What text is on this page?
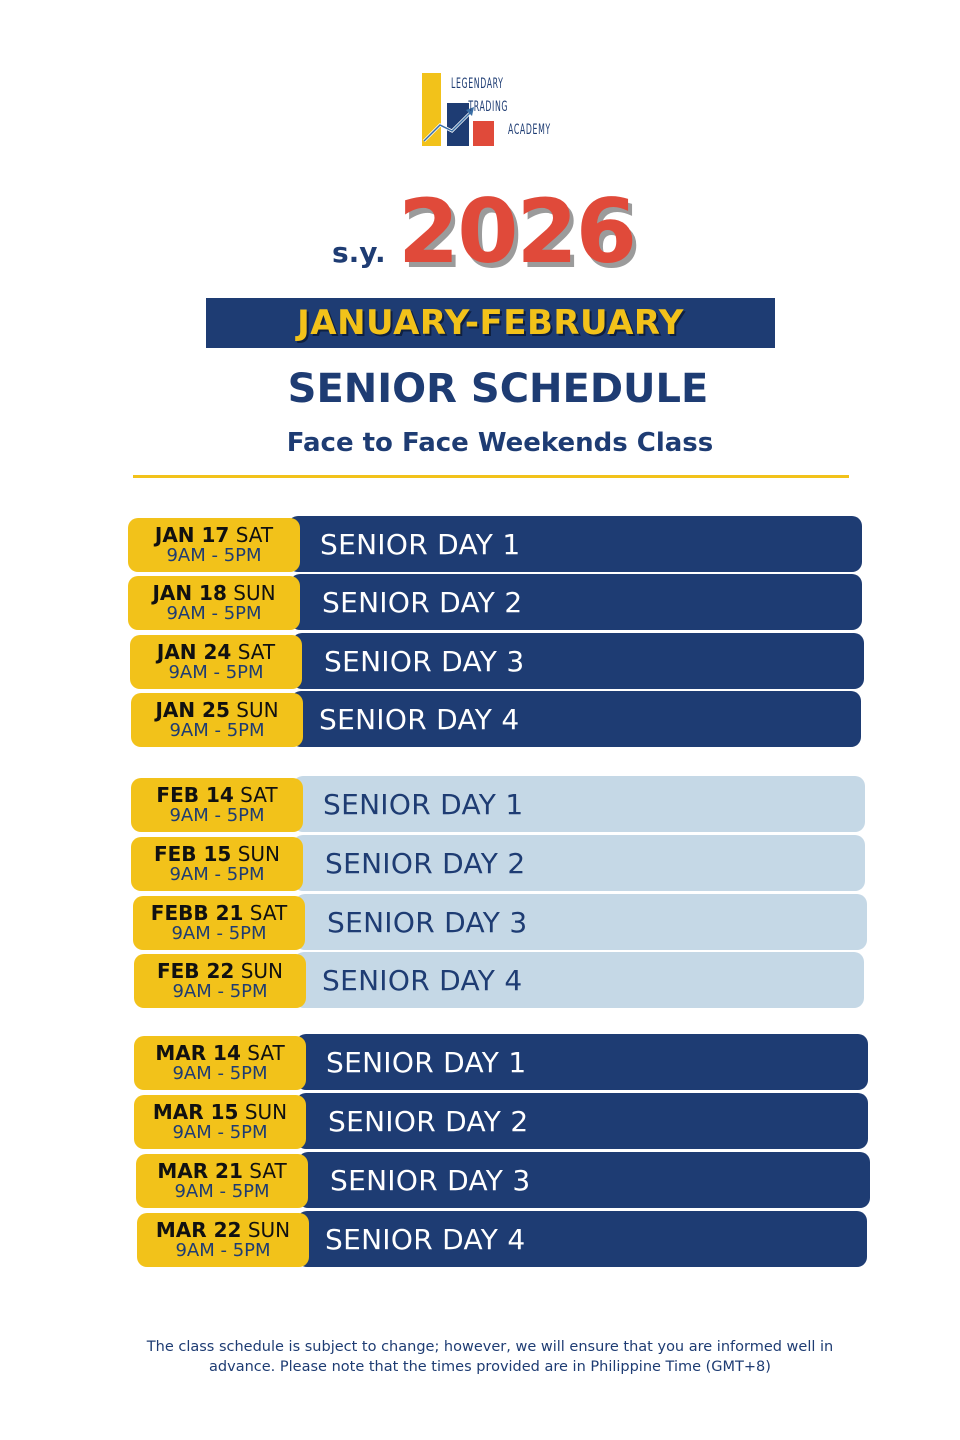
LEGENDARY
TRADING
ACADEMY
s.y. 2026
JANUARY-FEBRUARY
SENIOR SCHEDULE
Face to Face Weekends Class
SENIOR DAY 1
JAN 17 SAT
9AM - 5PM
SENIOR DAY 2
JAN 18 SUN
9AM - 5PM
SENIOR DAY 3
JAN 24 SAT
9AM - 5PM
SENIOR DAY 4
JAN 25 SUN
9AM - 5PM
SENIOR DAY 1
FEB 14 SAT
9AM - 5PM
SENIOR DAY 2
FEB 15 SUN
9AM - 5PM
SENIOR DAY 3
FEBB 21 SAT
9AM - 5PM
SENIOR DAY 4
FEB 22 SUN
9AM - 5PM
SENIOR DAY 1
MAR 14 SAT
9AM - 5PM
SENIOR DAY 2
MAR 15 SUN
9AM - 5PM
SENIOR DAY 3
MAR 21 SAT
9AM - 5PM
SENIOR DAY 4
MAR 22 SUN
9AM - 5PM
The class schedule is subject to change; however, we will ensure that you are informed well in
advance. Please note that the times provided are in Philippine Time (GMT+8)
